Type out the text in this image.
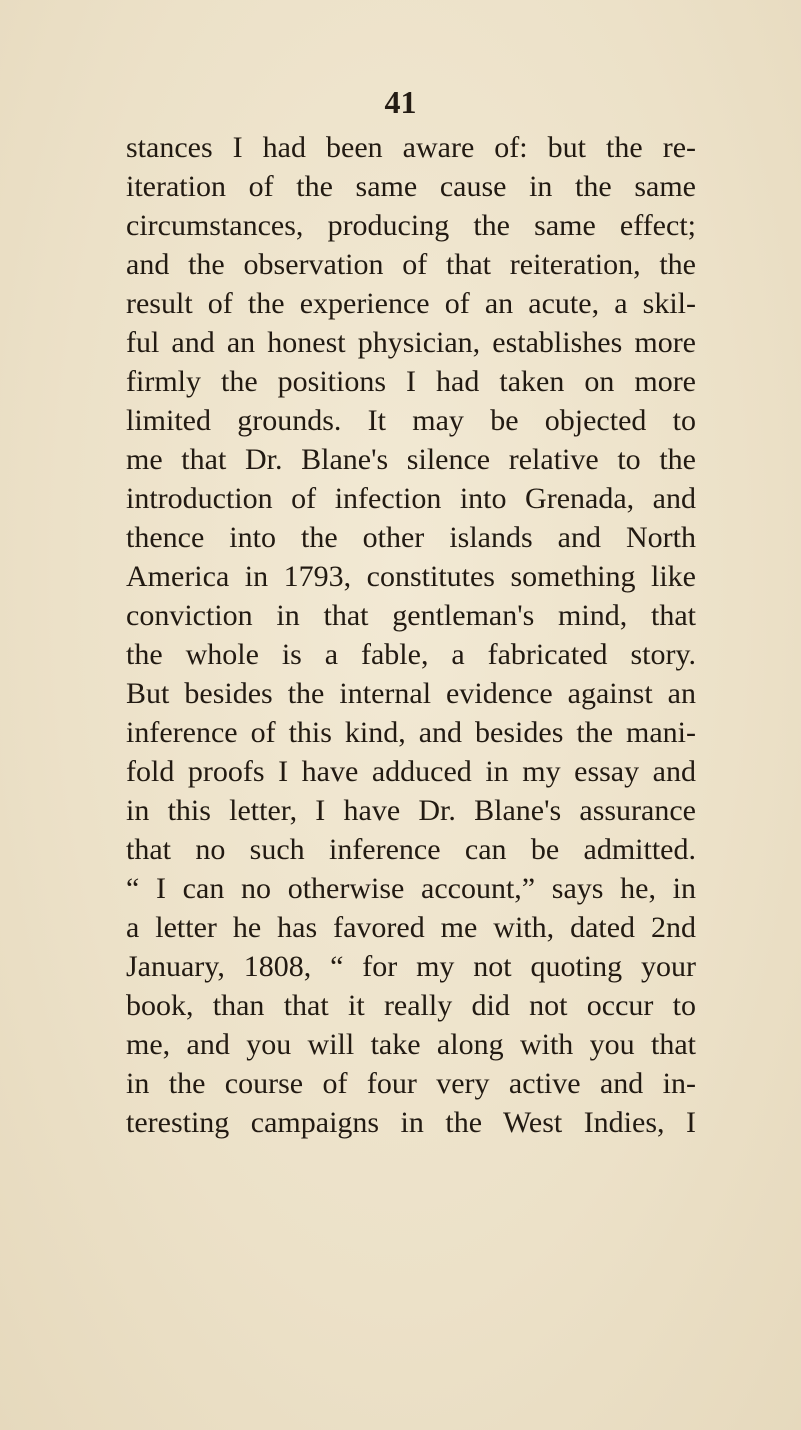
41
stances I had been aware of: but the re-
iteration of the same cause in the same
circumstances, producing the same effect;
and the observation of that reiteration, the
result of the experience of an acute, a skil-
ful and an honest physician, establishes more
firmly the positions I had taken on more
limited grounds. It may be objected to
me that Dr. Blane's silence relative to the
introduction of infection into Grenada, and
thence into the other islands and North
America in 1793, constitutes something like
conviction in that gentleman's mind, that
the whole is a fable, a fabricated story.
But besides the internal evidence against an
inference of this kind, and besides the mani-
fold proofs I have adduced in my essay and
in this letter, I have Dr. Blane's assurance
that no such inference can be admitted.
“ I can no otherwise account,” says he, in
a letter he has favored me with, dated 2nd
January, 1808, “ for my not quoting your
book, than that it really did not occur to
me, and you will take along with you that
in the course of four very active and in-
teresting campaigns in the West Indies, I
